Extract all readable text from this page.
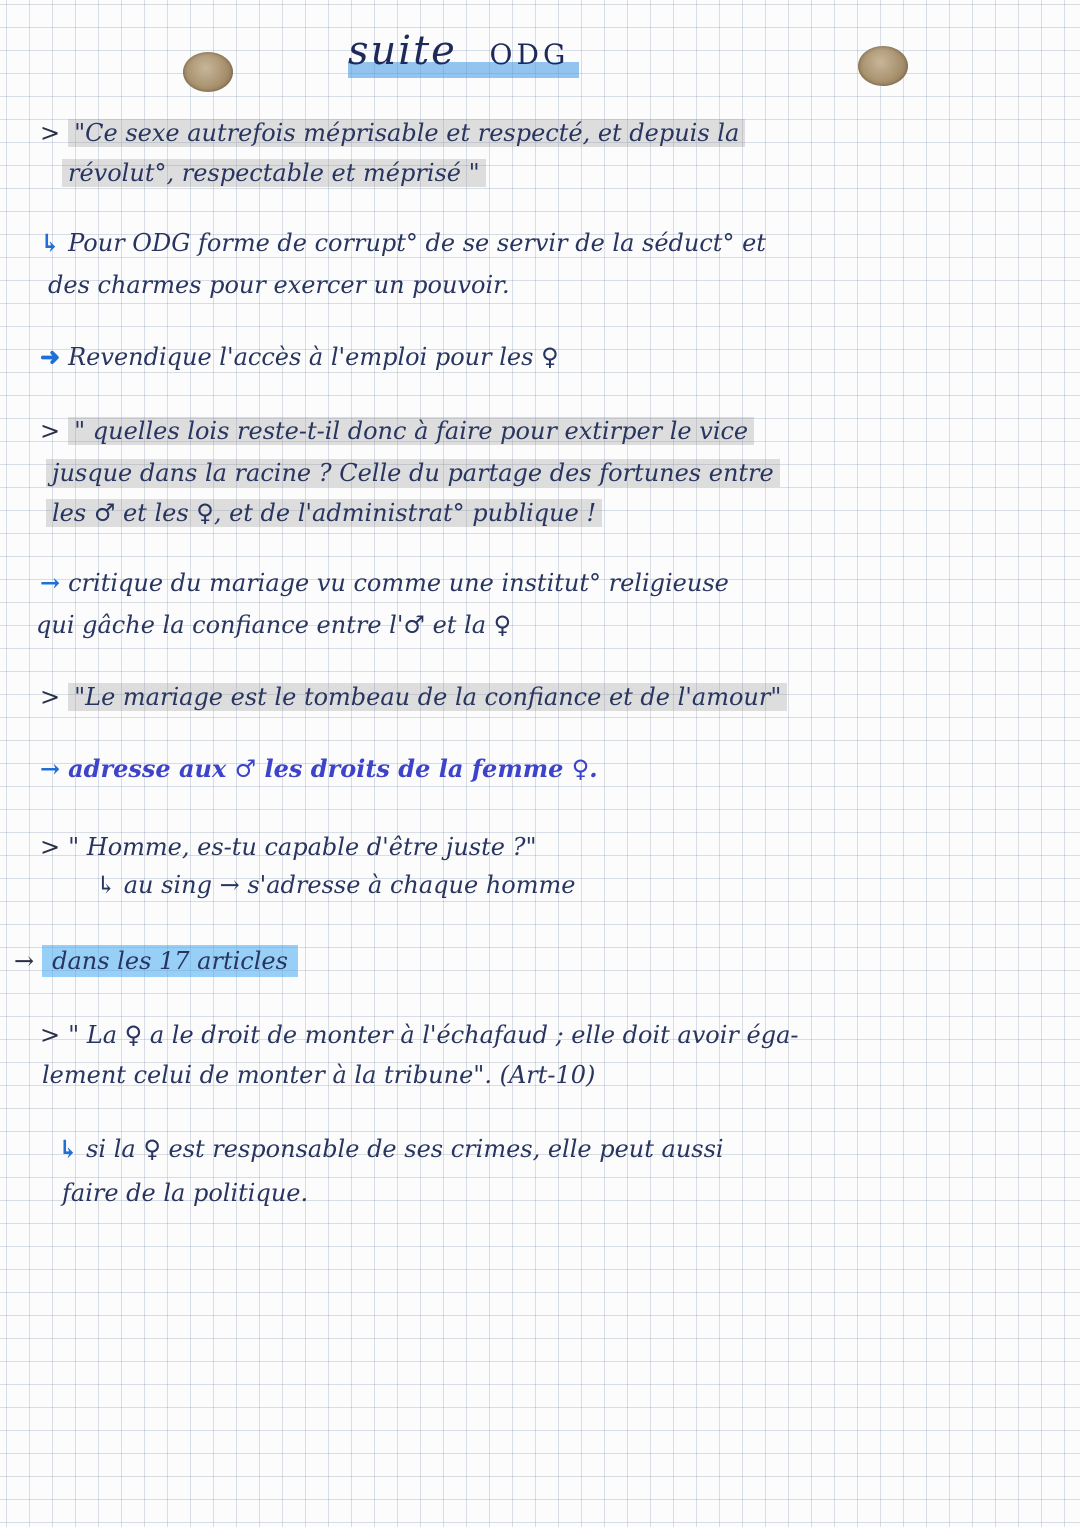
suite ODG
> "Ce sexe autrefois méprisable et respecté, et depuis la
révolut°, respectable et méprisé "
↳ Pour ODG forme de corrupt° de se servir de la séduct° et
des charmes pour exercer un pouvoir.
➜ Revendique l'accès à l'emploi pour les ♀
> " quelles lois reste-t-il donc à faire pour extirper le vice
jusque dans la racine ? Celle du partage des fortunes entre
les ♂ et les ♀, et de l'administrat° publique !
→ critique du mariage vu comme une institut° religieuse
qui gâche la confiance entre l'♂ et la ♀
> "Le mariage est le tombeau de la confiance et de l'amour"
→ adresse aux ♂ les droits de la femme ♀.
> " Homme, es-tu capable d'être juste ?"
↳ au sing → s'adresse à chaque homme
→ dans les 17 articles
> " La ♀ a le droit de monter à l'échafaud ; elle doit avoir éga-
lement celui de monter à la tribune". (Art-10)
↳ si la ♀ est responsable de ses crimes, elle peut aussi
faire de la politique.
